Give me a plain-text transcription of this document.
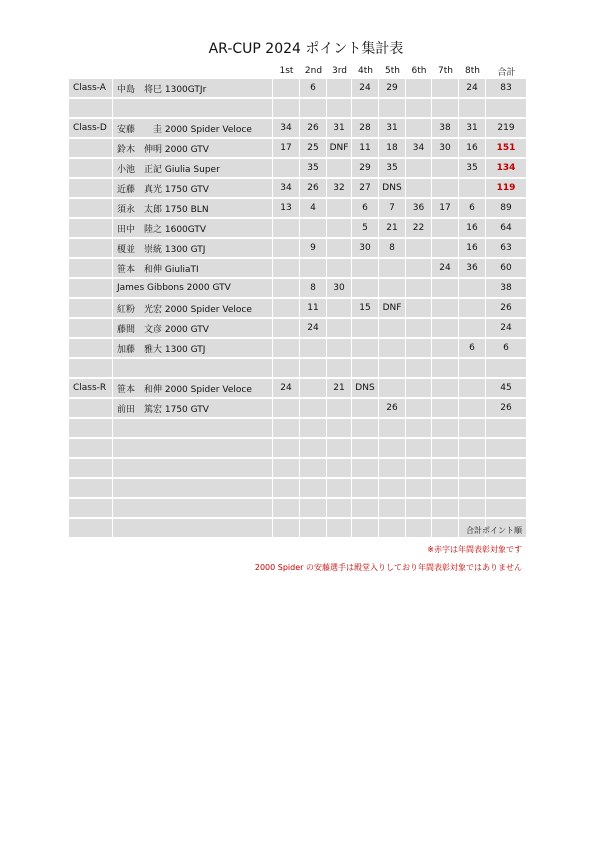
AR-CUP 2024 ポイント集計表
		1st	2nd	3rd	4th	5th	6th	7th	8th	合計
Class-A	中島　将巳 1300GTJr		6		24	29			24	83

Class-D	安藤　　圭 2000 Spider Veloce	34	26	31	28	31		38	31	219
	鈴木　伸明 2000 GTV	17	25	DNF	11	18	34	30	16	151
	小池　正記 Giulia Super		35		29	35			35	134
	近藤　真光 1750 GTV	34	26	32	27	DNS				119
	須永　太郎 1750 BLN	13	4		6	7	36	17	6	89
	田中　陸之 1600GTV				5	21	22		16	64
	榎並　崇統 1300 GTJ		9		30	8			16	63
	笹本　和伸 GiuliaTI							24	36	60
	James Gibbons 2000 GTV		8	30						38
	紅粉　光宏 2000 Spider Veloce		11		15	DNF				26
	藤間　文彦 2000 GTV		24							24
	加藤　雅大 1300 GTJ								6	6

Class-R	笹本　和伸 2000 Spider Veloce	24		21	DNS					45
	前田　篤宏 1750 GTV					26				26

合計ポイント順
※赤字は年間表彰対象です
2000 Spider の安藤選手は殿堂入りしており年間表彰対象ではありません
